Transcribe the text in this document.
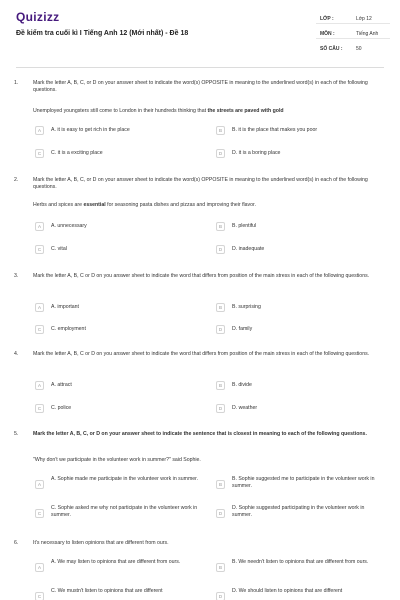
Quizizz
Đề kiểm tra cuối kì I Tiếng Anh 12 (Mới nhất) - Đề 18
LỚP :	Lớp 12
MÔN :	Tiếng Anh
SỐ CÂU :	50
1.	Mark the letter A, B, C, or D on your answer sheet to indicate the word(s) OPPOSITE in meaning to the underlined word(s) in each of the following questions.
Unemployed youngsters still come to London in their hundreds thinking that the streets are paved with gold
A	A. it is easy to get rich in the place	B	B. it is the place that makes you poor
C	C. it is a exciting place	D	D. it is a boring place
2.	Mark the letter A, B, C, or D on your answer sheet to indicate the word(s) OPPOSITE in meaning to the underlined word(s) in each of the following questions.
Herbs and spices are essential for seasoning pasta dishes and pizzas and improving their flavor.
A	A. unnecessary	B	B. plentiful
C	C. vital	D	D. inadequate
3.	Mark the letter A, B, C or D on you answer sheet to indicate the word that differs from position of the main stress in each of the following questions.
A	A. important	B	B. surprising
C	C. employment	D	D. family
4.	Mark the letter A, B, C or D on you answer sheet to indicate the word that differs from position of the main stress in each of the following questions.
A	A. attract	B	B. divide
C	C. police	D	D. weather
5.	Mark the letter A, B, C, or D on your answer sheet to indicate the sentence that is closest in meaning to each of the following questions.
"Why don't we participate in the volunteer work in summer?" said Sophie.
A
A. Sophie made me participate in the volunteer work in summer.
B
B. Sophie suggested me to participate in the volunteer work in summer.
C
C. Sophie asked me why not participate in the volunteer work in summer.	D
D. Sophie suggested participating in the volunteer work in summer.
6.	It's necessary to listen opinions that are different from ours.
A
A. We may listen to opinions that are different from ours.
B
B. We needn't listen to opinions that are different from ours.
C
C. We mustn't listen to opinions that are different
D
D. We should listen to opinions that are different
